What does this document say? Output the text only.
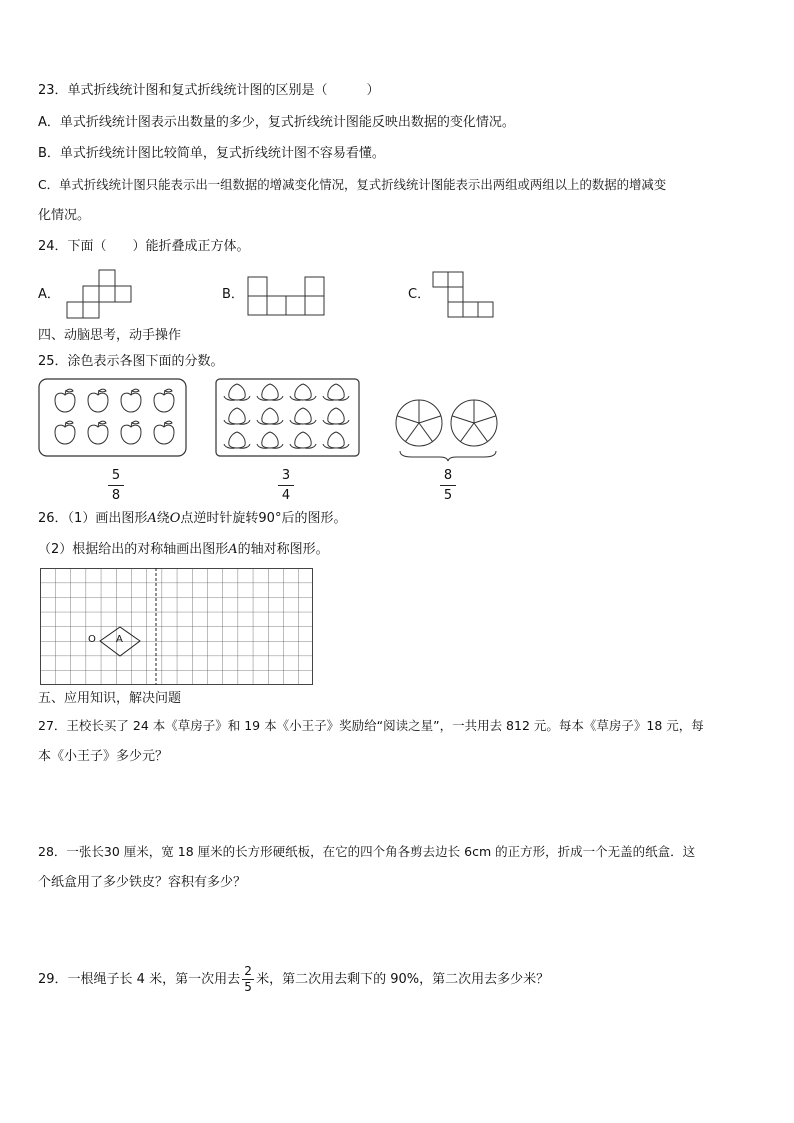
23．单式折线统计图和复式折线统计图的区别是（　　　）
A．单式折线统计图表示出数量的多少，复式折线统计图能反映出数据的变化情况。
B．单式折线统计图比较简单，复式折线统计图不容易看懂。
C．单式折线统计图只能表示出一组数据的增减变化情况，复式折线统计图能表示出两组或两组以上的数据的增减变
化情况。
24．下面（　　）能折叠成正方体。
A．	B．	C．
四、动脑思考，动手操作
25．涂色表示各图下面的分数。
5
8
3
4
8
5
26．（1）画出图形A绕O点逆时针旋转90°后的图形。
（2）根据给出的对称轴画出图形A的轴对称图形。
O A
五、应用知识，解决问题
27．王校长买了 24 本《草房子》和 19 本《小王子》奖励给“阅读之星”，一共用去 812 元。每本《草房子》18 元，每
本《小王子》多少元？
28．一张长30 厘米，宽 18 厘米的长方形硬纸板，在它的四个角各剪去边长 6cm 的正方形，折成一个无盖的纸盒．这
个纸盒用了多少铁皮？容积有多少？
29．一根绳子长 4 米，第一次用去 $\frac{2}{5}$ 米，第二次用去剩下的 90%，第二次用去多少米？
